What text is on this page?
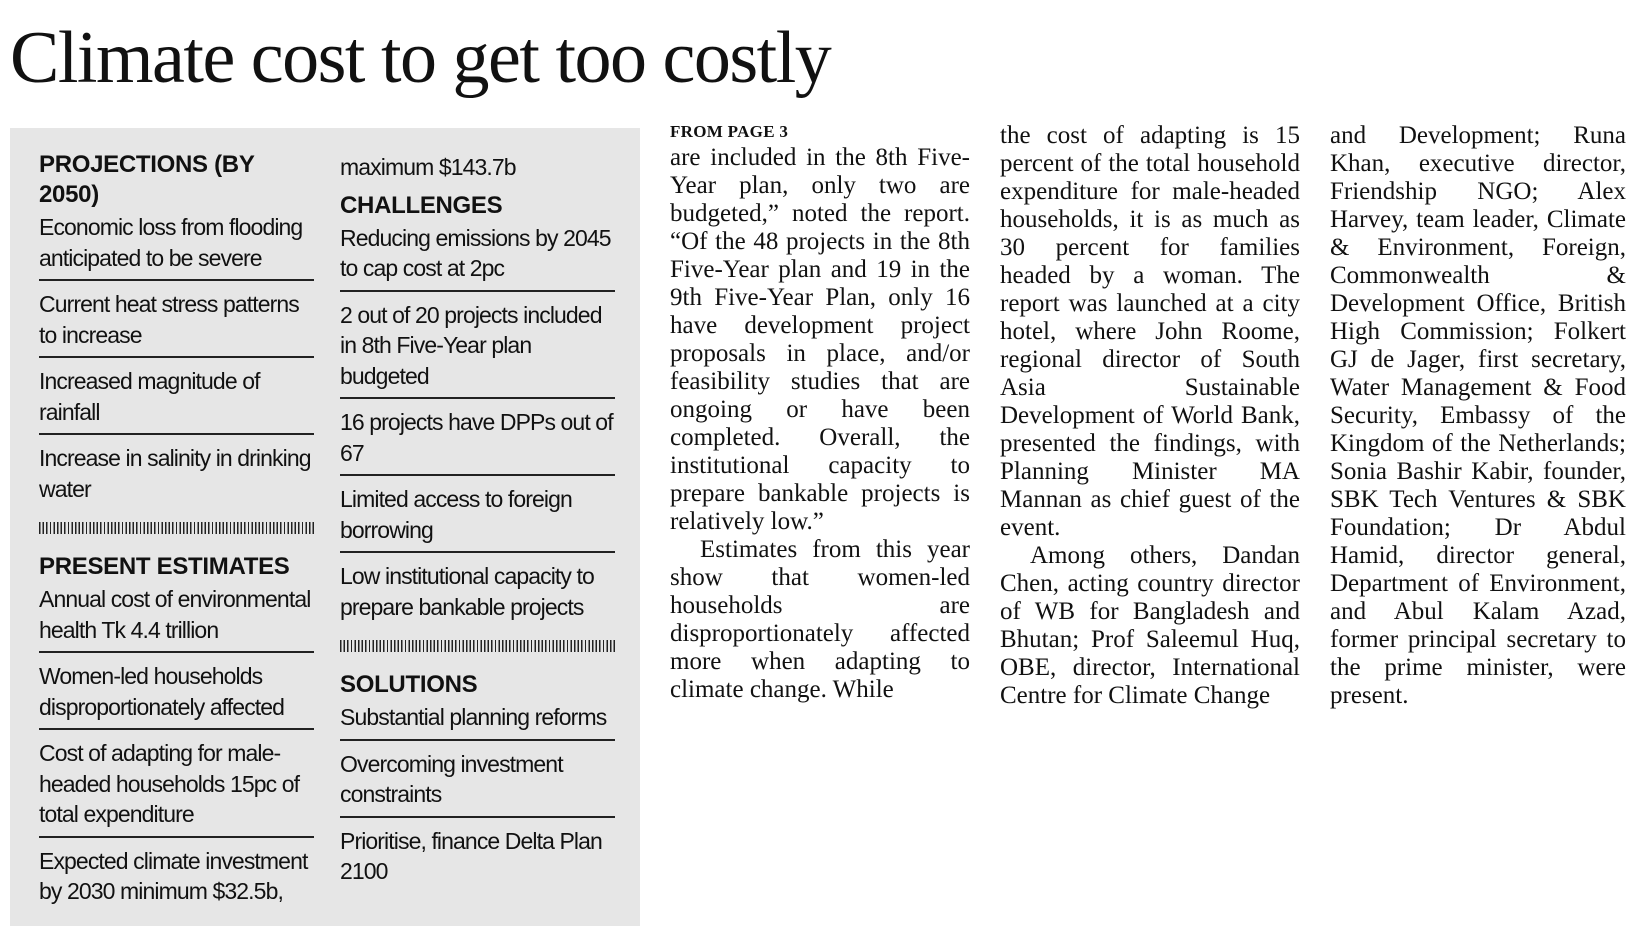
Climate cost to get too costly
PROJECTIONS (BY 2050)
Economic loss from flooding anticipated to be severe
Current heat stress patterns to increase
Increased magnitude of rainfall
Increase in salinity in drinking water
PRESENT ESTIMATES
Annual cost of environmental health Tk 4.4 trillion
Women-led households disproportionately affected
Cost of adapting for male-headed households 15pc of total expenditure
Expected climate investment by 2030 minimum $32.5b,
maximum $143.7b
CHALLENGES
Reducing emissions by 2045 to cap cost at 2pc
2 out of 20 projects included in 8th Five-Year plan budgeted
16 projects have DPPs out of 67
Limited access to foreign borrowing
Low institutional capacity to prepare bankable projects
SOLUTIONS
Substantial planning reforms
Overcoming investment constraints
Prioritise, finance Delta Plan 2100
FROM PAGE 3

are included in the 8th Five-Year plan, only two are budgeted,” noted the report. “Of the 48 projects in the 8th Five-Year plan and 19 in the 9th Five-Year Plan, only 16 have development project proposals in place, and/or feasibility studies that are ongoing or have been completed. Overall, the institutional capacity to prepare bankable projects is relatively low.”

Estimates from this year show that women-led households are disproportionately affected more when adapting to climate change. While

the cost of adapting is 15 percent of the total household expenditure for male-headed households, it is as much as 30 percent for families headed by a woman. The report was launched at a city hotel, where John Roome, regional director of South Asia Sustainable Development of World Bank, presented the findings, with Planning Minister MA Mannan as chief guest of the event.

Among others, Dandan Chen, acting country director of WB for Bangladesh and Bhutan; Prof Saleemul Huq, OBE, director, International Centre for Climate Change

and Development; Runa Khan, executive director, Friendship NGO; Alex Harvey, team leader, Climate & Environment, Foreign, Commonwealth & Development Office, British High Commission; Folkert GJ de Jager, first secretary, Water Management & Food Security, Embassy of the Kingdom of the Netherlands; Sonia Bashir Kabir, founder, SBK Tech Ventures & SBK Foundation; Dr Abdul Hamid, director general, Department of Environment, and Abul Kalam Azad, former principal secretary to the prime minister, were present.
